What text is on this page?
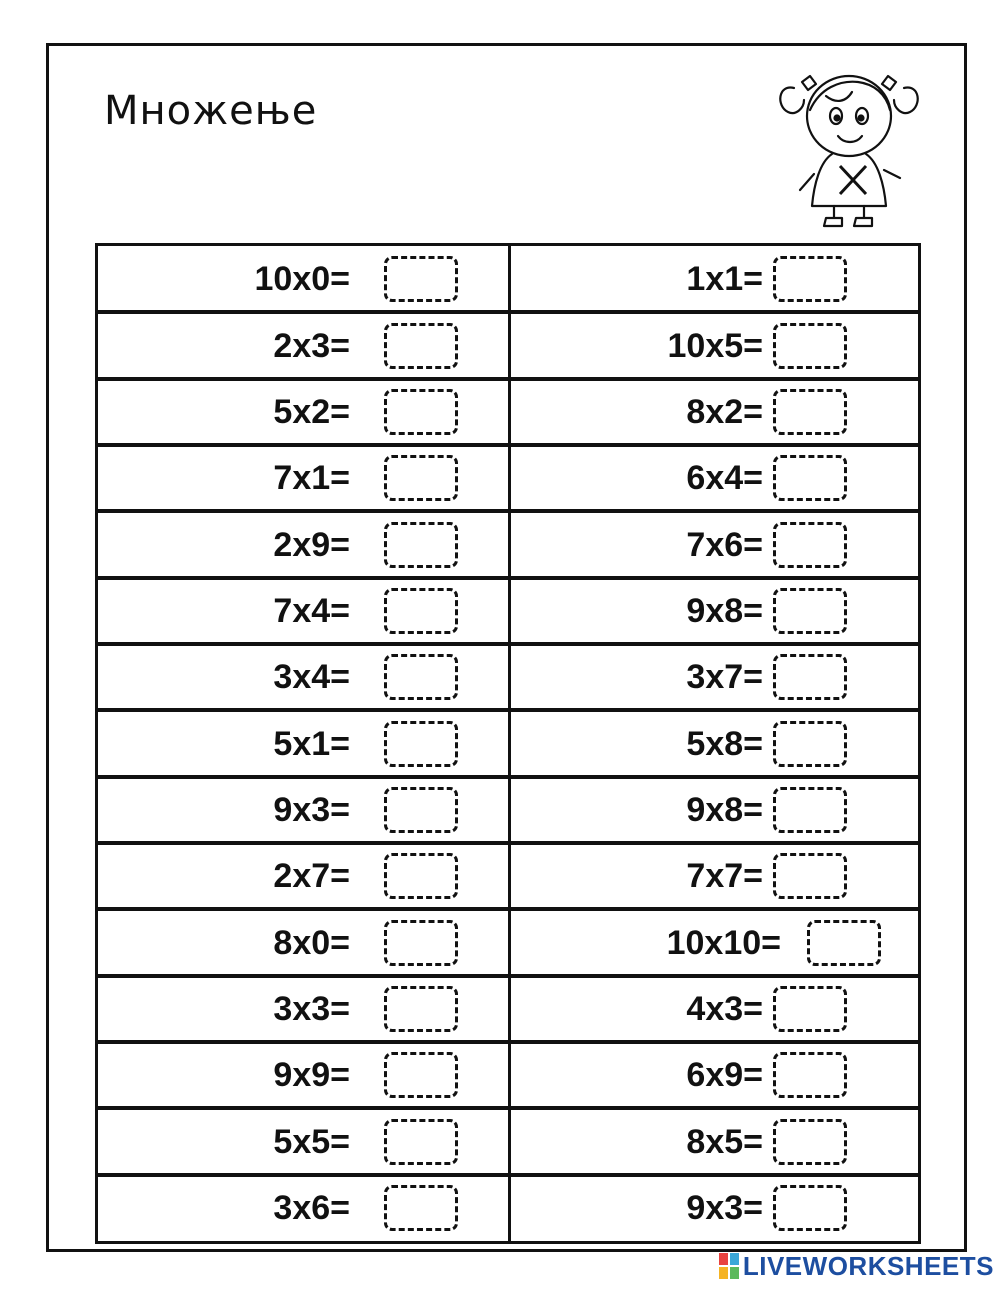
Множење
10x0=	1x1=
2x3=	10x5=
5x2=	8x2=
7x1=	6x4=
2x9=	7x6=
7x4=	9x8=
3x4=	3x7=
5x1=	5x8=
9x3=	9x8=
2x7=	7x7=
8x0=	10x10=
3x3=	4x3=
9x9=	6x9=
5x5=	8x5=
3x6=	9x3=
LIVEWORKSHEETS
